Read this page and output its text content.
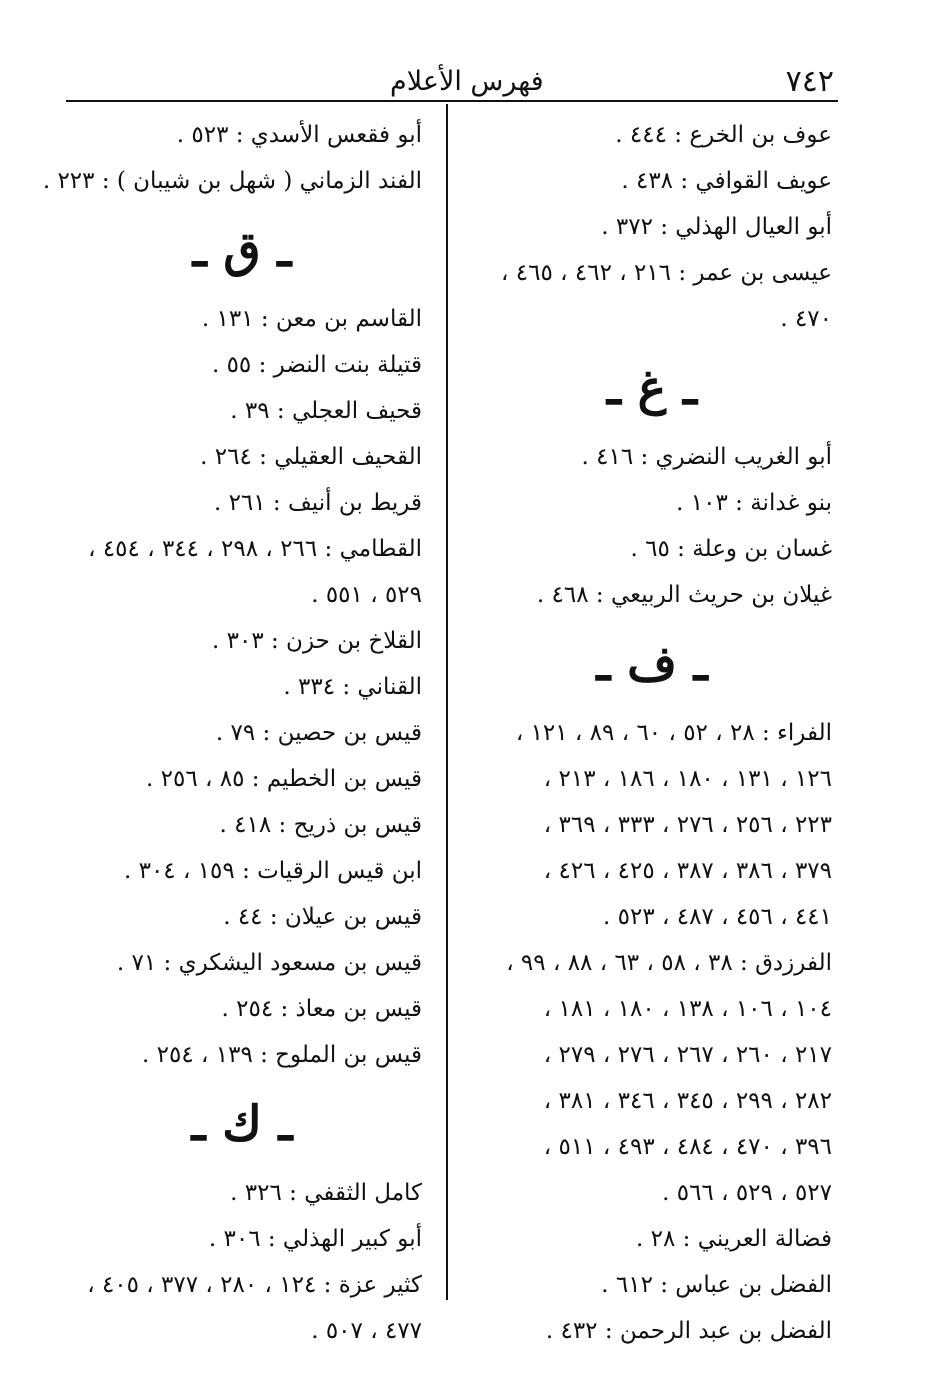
٧٤٢
فهرس الأعلام
عوف بن الخرع : ٤٤٤ .
عويف القوافي : ٤٣٨ .
أبو العيال الهذلي : ٣٧٢ .
عيسى بن عمر : ٢١٦ ، ٤٦٢ ، ٤٦٥ ،
٤٧٠ .
ـ غ ـ
أبو الغريب النضري : ٤١٦ .
بنو غدانة : ١٠٣ .
غسان بن وعلة : ٦٥ .
غيلان بن حريث الربيعي : ٤٦٨ .
ـ ف ـ
الفراء : ٢٨ ، ٥٢ ، ٦٠ ، ٨٩ ، ١٢١ ،
١٢٦ ، ١٣١ ، ١٨٠ ، ١٨٦ ، ٢١٣ ،
٢٢٣ ، ٢٥٦ ، ٢٧٦ ، ٣٣٣ ، ٣٦٩ ،
٣٧٩ ، ٣٨٦ ، ٣٨٧ ، ٤٢٥ ، ٤٢٦ ،
٤٤١ ، ٤٥٦ ، ٤٨٧ ، ٥٢٣ .
الفرزدق : ٣٨ ، ٥٨ ، ٦٣ ، ٨٨ ، ٩٩ ،
١٠٤ ، ١٠٦ ، ١٣٨ ، ١٨٠ ، ١٨١ ،
٢١٧ ، ٢٦٠ ، ٢٦٧ ، ٢٧٦ ، ٢٧٩ ،
٢٨٢ ، ٢٩٩ ، ٣٤٥ ، ٣٤٦ ، ٣٨١ ،
٣٩٦ ، ٤٧٠ ، ٤٨٤ ، ٤٩٣ ، ٥١١ ،
٥٢٧ ، ٥٢٩ ، ٥٦٦ .
فضالة العريني : ٢٨ .
الفضل بن عباس : ٦١٢ .
الفضل بن عبد الرحمن : ٤٣٢ .
أبو فقعس الأسدي : ٥٢٣ .
الفند الزماني ( شهل بن شيبان ) : ٢٢٣ .
ـ ق ـ
القاسم بن معن : ١٣١ .
قتيلة بنت النضر : ٥٥ .
قحيف العجلي : ٣٩ .
القحيف العقيلي : ٢٦٤ .
قريط بن أنيف : ٢٦١ .
القطامي : ٢٦٦ ، ٢٩٨ ، ٣٤٤ ، ٤٥٤ ،
٥٢٩ ، ٥٥١ .
القلاخ بن حزن : ٣٠٣ .
القناني : ٣٣٤ .
قيس بن حصين : ٧٩ .
قيس بن الخطيم : ٨٥ ، ٢٥٦ .
قيس بن ذريح : ٤١٨ .
ابن قيس الرقيات : ١٥٩ ، ٣٠٤ .
قيس بن عيلان : ٤٤ .
قيس بن مسعود اليشكري : ٧١ .
قيس بن معاذ : ٢٥٤ .
قيس بن الملوح : ١٣٩ ، ٢٥٤ .
ـ ك ـ
كامل الثقفي : ٣٢٦ .
أبو كبير الهذلي : ٣٠٦ .
كثير عزة : ١٢٤ ، ٢٨٠ ، ٣٧٧ ، ٤٠٥ ،
٤٧٧ ، ٥٠٧ .
